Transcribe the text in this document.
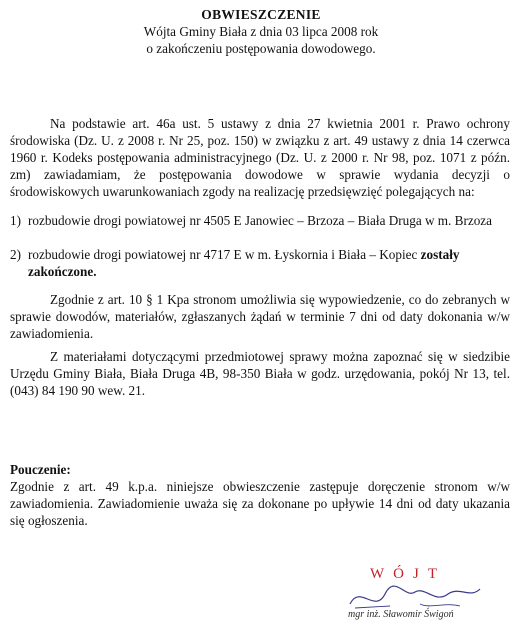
OBWIESZCZENIE
Wójta Gminy Biała z dnia 03 lipca 2008 rok
o zakończeniu postępowania dowodowego.
Na podstawie art. 46a ust. 5 ustawy z dnia 27 kwietnia 2001 r. Prawo ochrony środowiska (Dz. U. z 2008 r. Nr 25, poz. 150) w związku z art. 49 ustawy z dnia 14 czerwca 1960 r. Kodeks postępowania administracyjnego (Dz. U. z 2000 r. Nr 98, poz. 1071 z późn. zm) zawiadamiam, że postępowania dowodowe w sprawie wydania decyzji o środowiskowych uwarunkowaniach zgody na realizację przedsięwzięć polegających na:
1) rozbudowie drogi powiatowej nr 4505 E Janowiec – Brzoza – Biała Druga w m. Brzoza
2) rozbudowie drogi powiatowej nr 4717 E w m. Łyskornia i Biała – Kopiec zostały zakończone.
Zgodnie z art. 10 § 1 Kpa stronom umożliwia się wypowiedzenie, co do zebranych w sprawie dowodów, materiałów, zgłaszanych żądań w terminie 7 dni od daty dokonania w/w zawiadomienia.
Z materiałami dotyczącymi przedmiotowej sprawy można zapoznać się w siedzibie Urzędu Gminy Biała, Biała Druga 4B, 98-350 Biała w godz. urzędowania, pokój Nr 13, tel. (043) 84 190 90 wew. 21.
Pouczenie:
Zgodnie z art. 49 k.p.a. niniejsze obwieszczenie zastępuje doręczenie stronom w/w zawiadomienia. Zawiadomienie uważa się za dokonane po upływie 14 dni od daty ukazania się ogłoszenia.
WÓJT
mgr inż. Sławomir Świgoń
